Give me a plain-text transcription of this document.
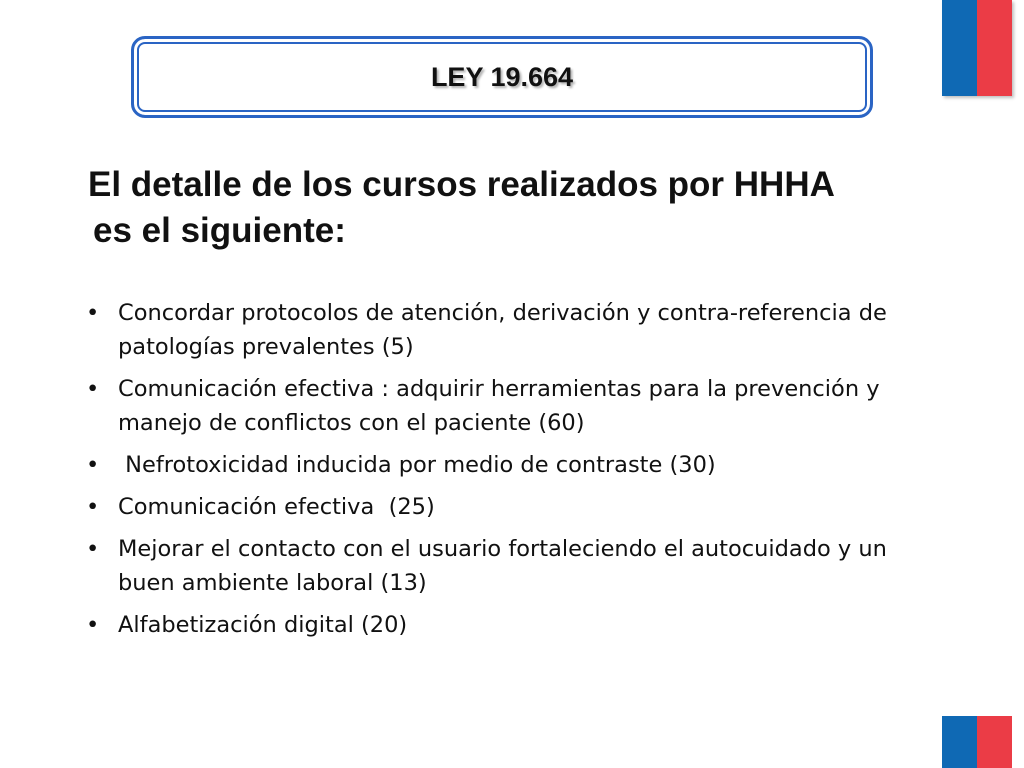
LEY 19.664
El detalle de los cursos realizados por HHHA
es el siguiente:
• Concordar protocolos de atención, derivación y contra-referencia de patologías prevalentes (5)
• Comunicación efectiva : adquirir herramientas para la prevención y manejo de conflictos con el paciente (60)
• Nefrotoxicidad inducida por medio de contraste (30)
• Comunicación efectiva  (25)
• Mejorar el contacto con el usuario fortaleciendo el autocuidado y un buen ambiente laboral (13)
• Alfabetización digital (20)
